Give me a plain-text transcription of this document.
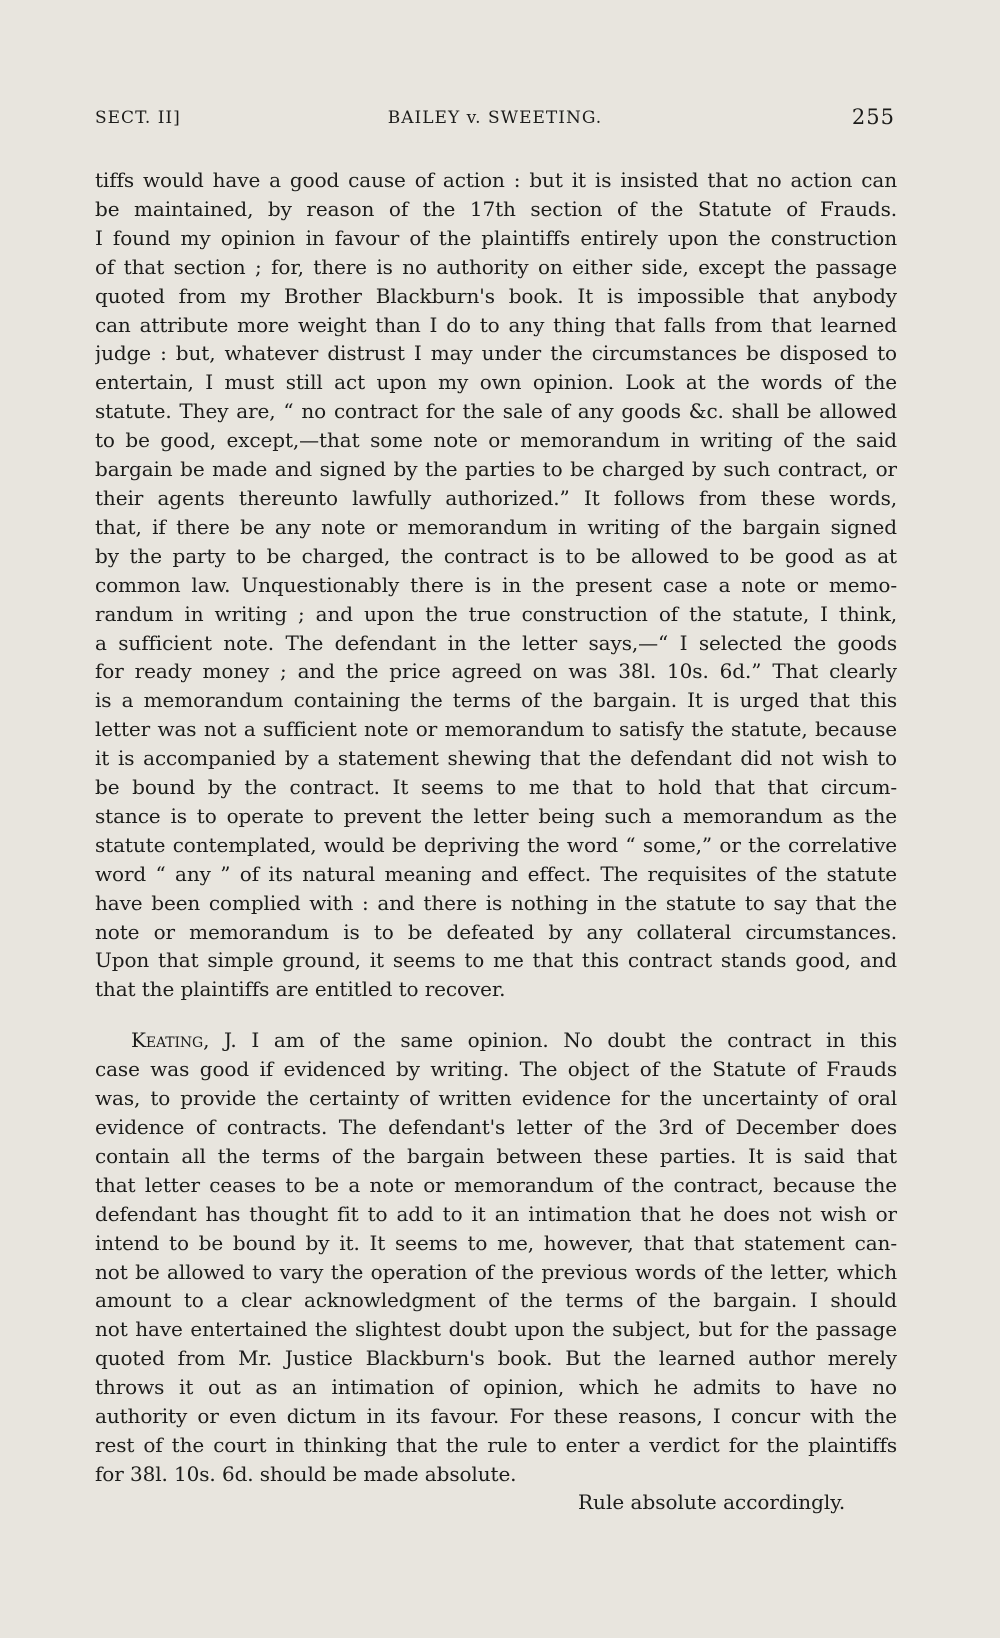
SECT. II]	BAILEY v. SWEETING.	255
tiffs would have a good cause of action : but it is insisted that no action can
be maintained, by reason of the 17th section of the Statute of Frauds.
I found my opinion in favour of the plaintiffs entirely upon the construction
of that section ; for, there is no authority on either side, except the passage
quoted from my Brother Blackburn's book. It is impossible that anybody
can attribute more weight than I do to any thing that falls from that learned
judge : but, whatever distrust I may under the circumstances be disposed to
entertain, I must still act upon my own opinion. Look at the words of the
statute. They are, “ no contract for the sale of any goods &c. shall be allowed
to be good, except,—that some note or memorandum in writing of the said
bargain be made and signed by the parties to be charged by such contract, or
their agents thereunto lawfully authorized.” It follows from these words,
that, if there be any note or memorandum in writing of the bargain signed
by the party to be charged, the contract is to be allowed to be good as at
common law. Unquestionably there is in the present case a note or memo-
randum in writing ; and upon the true construction of the statute, I think,
a sufficient note. The defendant in the letter says,—“ I selected the goods
for ready money ; and the price agreed on was 38l. 10s. 6d.” That clearly
is a memorandum containing the terms of the bargain. It is urged that this
letter was not a sufficient note or memorandum to satisfy the statute, because
it is accompanied by a statement shewing that the defendant did not wish to
be bound by the contract. It seems to me that to hold that that circum-
stance is to operate to prevent the letter being such a memorandum as the
statute contemplated, would be depriving the word “ some,” or the correlative
word “ any ” of its natural meaning and effect. The requisites of the statute
have been complied with : and there is nothing in the statute to say that the
note or memorandum is to be defeated by any collateral circumstances.
Upon that simple ground, it seems to me that this contract stands good, and
that the plaintiffs are entitled to recover.
Keating, J. I am of the same opinion. No doubt the contract in this
case was good if evidenced by writing. The object of the Statute of Frauds
was, to provide the certainty of written evidence for the uncertainty of oral
evidence of contracts. The defendant's letter of the 3rd of December does
contain all the terms of the bargain between these parties. It is said that
that letter ceases to be a note or memorandum of the contract, because the
defendant has thought fit to add to it an intimation that he does not wish or
intend to be bound by it. It seems to me, however, that that statement can-
not be allowed to vary the operation of the previous words of the letter, which
amount to a clear acknowledgment of the terms of the bargain. I should
not have entertained the slightest doubt upon the subject, but for the passage
quoted from Mr. Justice Blackburn's book. But the learned author merely
throws it out as an intimation of opinion, which he admits to have no
authority or even dictum in its favour. For these reasons, I concur with the
rest of the court in thinking that the rule to enter a verdict for the plaintiffs
for 38l. 10s. 6d. should be made absolute.
Rule absolute accordingly.
